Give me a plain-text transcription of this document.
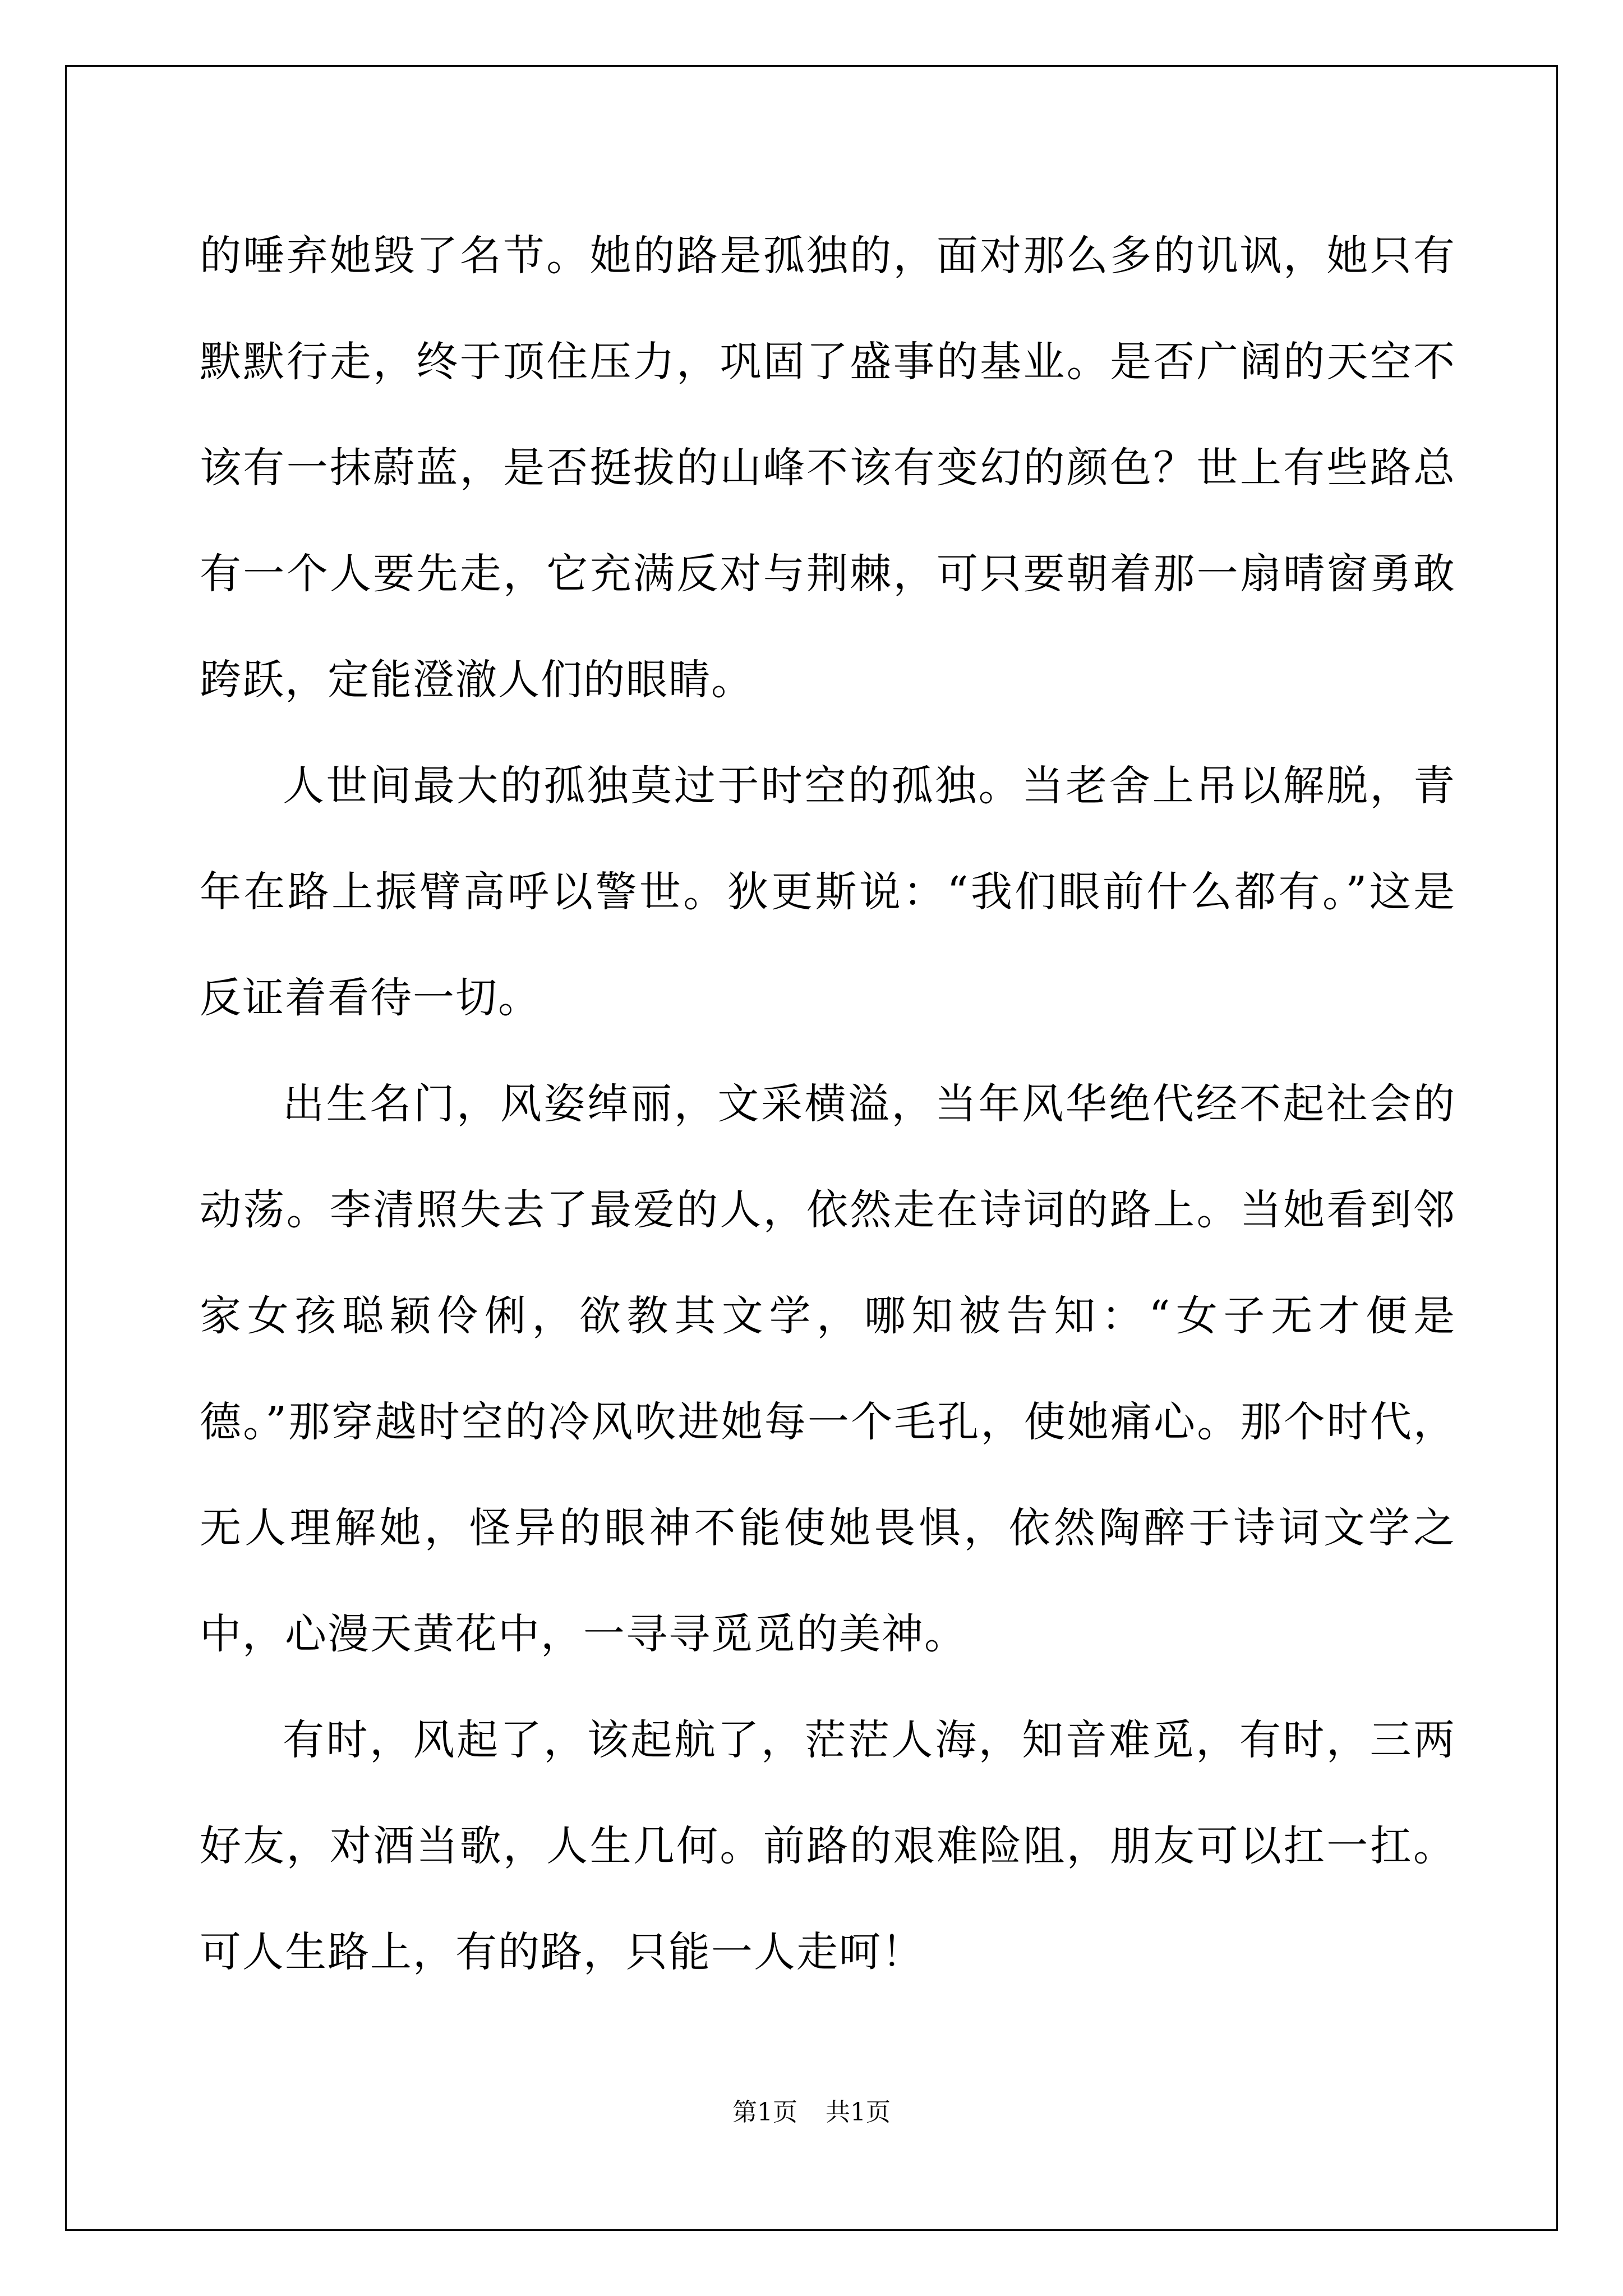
的唾弃她毁了名节。她的路是孤独的，面对那么多的讥讽，她只有默默行走，终于顶住压力，巩固了盛事的基业。是否广阔的天空不该有一抹蔚蓝，是否挺拔的山峰不该有变幻的颜色？世上有些路总有一个人要先走，它充满反对与荆棘，可只要朝着那一扇晴窗勇敢跨跃，定能澄澈人们的眼睛。

人世间最大的孤独莫过于时空的孤独。当老舍上吊以解脱，青年在路上振臂高呼以警世。狄更斯说：“我们眼前什么都有。”这是反证着看待一切。

出生名门，风姿绰丽，文采横溢，当年风华绝代经不起社会的动荡。李清照失去了最爱的人，依然走在诗词的路上。当她看到邻家女孩聪颖伶俐，欲教其文学，哪知被告知：“女子无才便是德。”那穿越时空的冷风吹进她每一个毛孔，使她痛心。那个时代，无人理解她，怪异的眼神不能使她畏惧，依然陶醉于诗词文学之中，心漫天黄花中，一寻寻觅觅的美神。

有时，风起了，该起航了，茫茫人海，知音难觅，有时，三两好友，对酒当歌，人生几何。前路的艰难险阻，朋友可以扛一扛。可人生路上，有的路，只能一人走呵！

第1页 共1页
